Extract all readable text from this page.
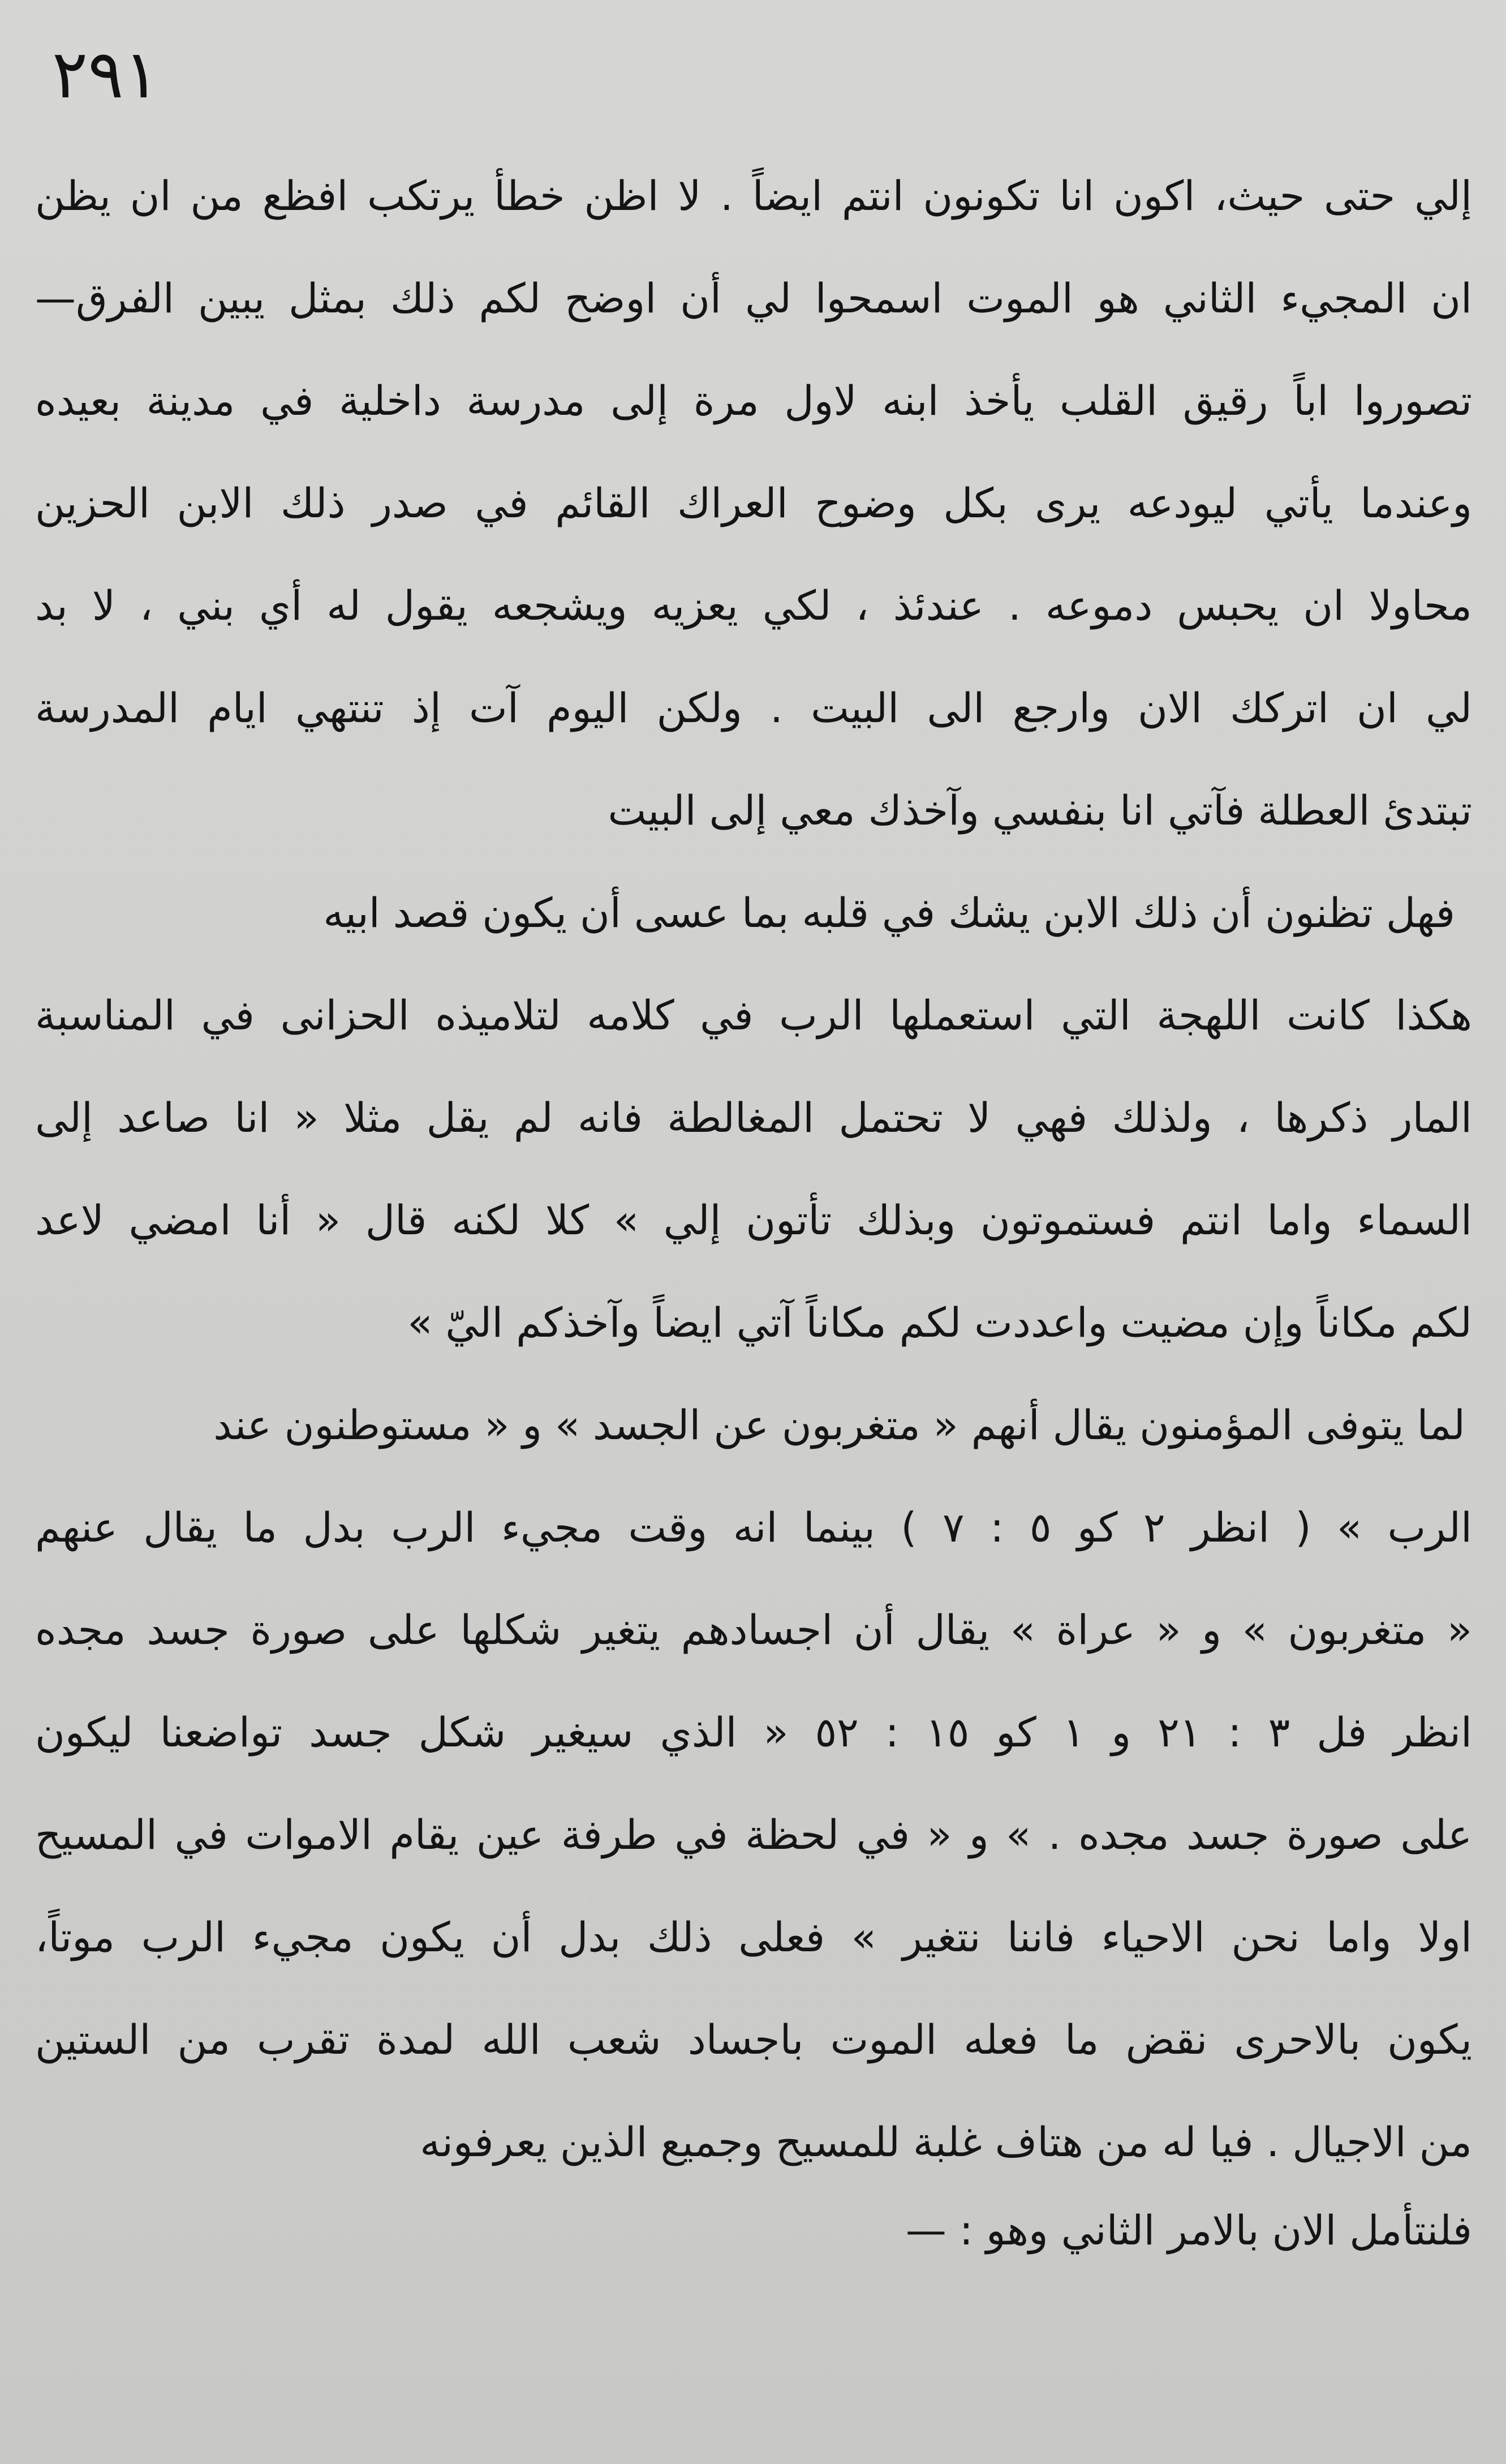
٢٩١
إلي حتى حيث، اكون انا تكونون انتم ايضاً . لا اظن خطأ يرتكب افظع من ان يظن
ان المجيء الثاني هو الموت اسمحوا لي أن اوضح لكم ذلك بمثل يبين الفرق—
تصوروا اباً رقيق القلب يأخذ ابنه لاول مرة إلى مدرسة داخلية في مدينة بعيده
وعندما يأتي ليودعه يرى بكل وضوح العراك القائم في صدر ذلك الابن الحزين
محاولا ان يحبس دموعه . عندئذ ، لكي يعزيه ويشجعه يقول له أي بني ، لا بد
لي ان اتركك الان وارجع الى البيت . ولكن اليوم آت إذ تنتهي ايام المدرسة
تبتدئ العطلة فآتي انا بنفسي وآخذك معي إلى البيت
فهل تظنون أن ذلك الابن يشك في قلبه بما عسى أن يكون قصد ابيه
هكذا كانت اللهجة التي استعملها الرب في كلامه لتلاميذه الحزانى في المناسبة
المار ذكرها ، ولذلك فهي لا تحتمل المغالطة فانه لم يقل مثلا « انا صاعد إلى
السماء واما انتم فستموتون وبذلك تأتون إلي » كلا لكنه قال « أنا امضي لاعد
لكم مكاناً وإن مضيت واعددت لكم مكاناً آتي ايضاً وآخذكم اليّ »
لما يتوفى المؤمنون يقال أنهم « متغربون عن الجسد » و « مستوطنون عند
الرب » ( انظر ٢ كو ٥ : ٧ ) بينما انه وقت مجيء الرب بدل ما يقال عنهم
« متغربون » و « عراة » يقال أن اجسادهم يتغير شكلها على صورة جسد مجده
انظر فل ٣ : ٢١ و ١ كو ١٥ : ٥٢ « الذي سيغير شكل جسد تواضعنا ليكون
على صورة جسد مجده . » و « في لحظة في طرفة عين يقام الاموات في المسيح
اولا واما نحن الاحياء فاننا نتغير » فعلى ذلك بدل أن يكون مجيء الرب موتاً،
يكون بالاحرى نقض ما فعله الموت باجساد شعب الله لمدة تقرب من الستين
من الاجيال . فيا له من هتاف غلبة للمسيح وجميع الذين يعرفونه
فلنتأمل الان بالامر الثاني وهو : —
